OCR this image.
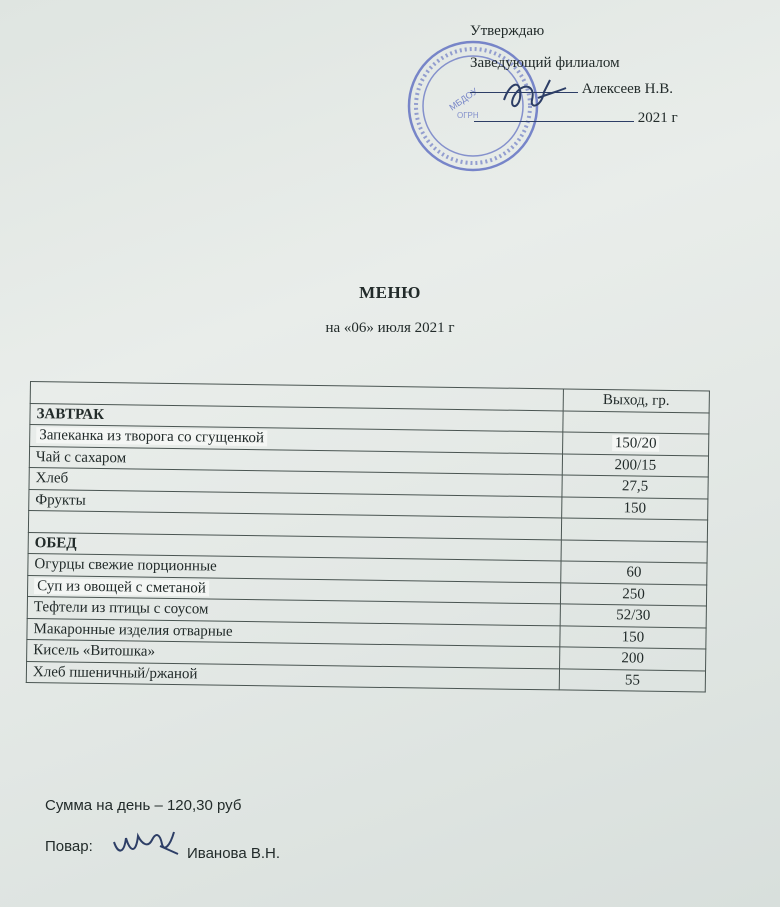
МБДОУ
ОГРН
Утверждаю
Заведующий филиалом
Алексеев Н.В.
2021 г
МЕНЮ
на «06» июля 2021 г
	Выход, гр.
ЗАВТРАК	
Запеканка из творога со сгущенкой	150/20
Чай с сахаром	200/15
Хлеб	27,5
Фрукты	150

ОБЕД	
Огурцы свежие порционные	60
Суп из овощей с сметаной	250
Тефтели из птицы с соусом	52/30
Макаронные изделия отварные	150
Кисель «Витошка»	200
Хлеб пшеничный/ржаной	55
Сумма на день – 120,30 руб
Повар:	Иванова В.Н.
